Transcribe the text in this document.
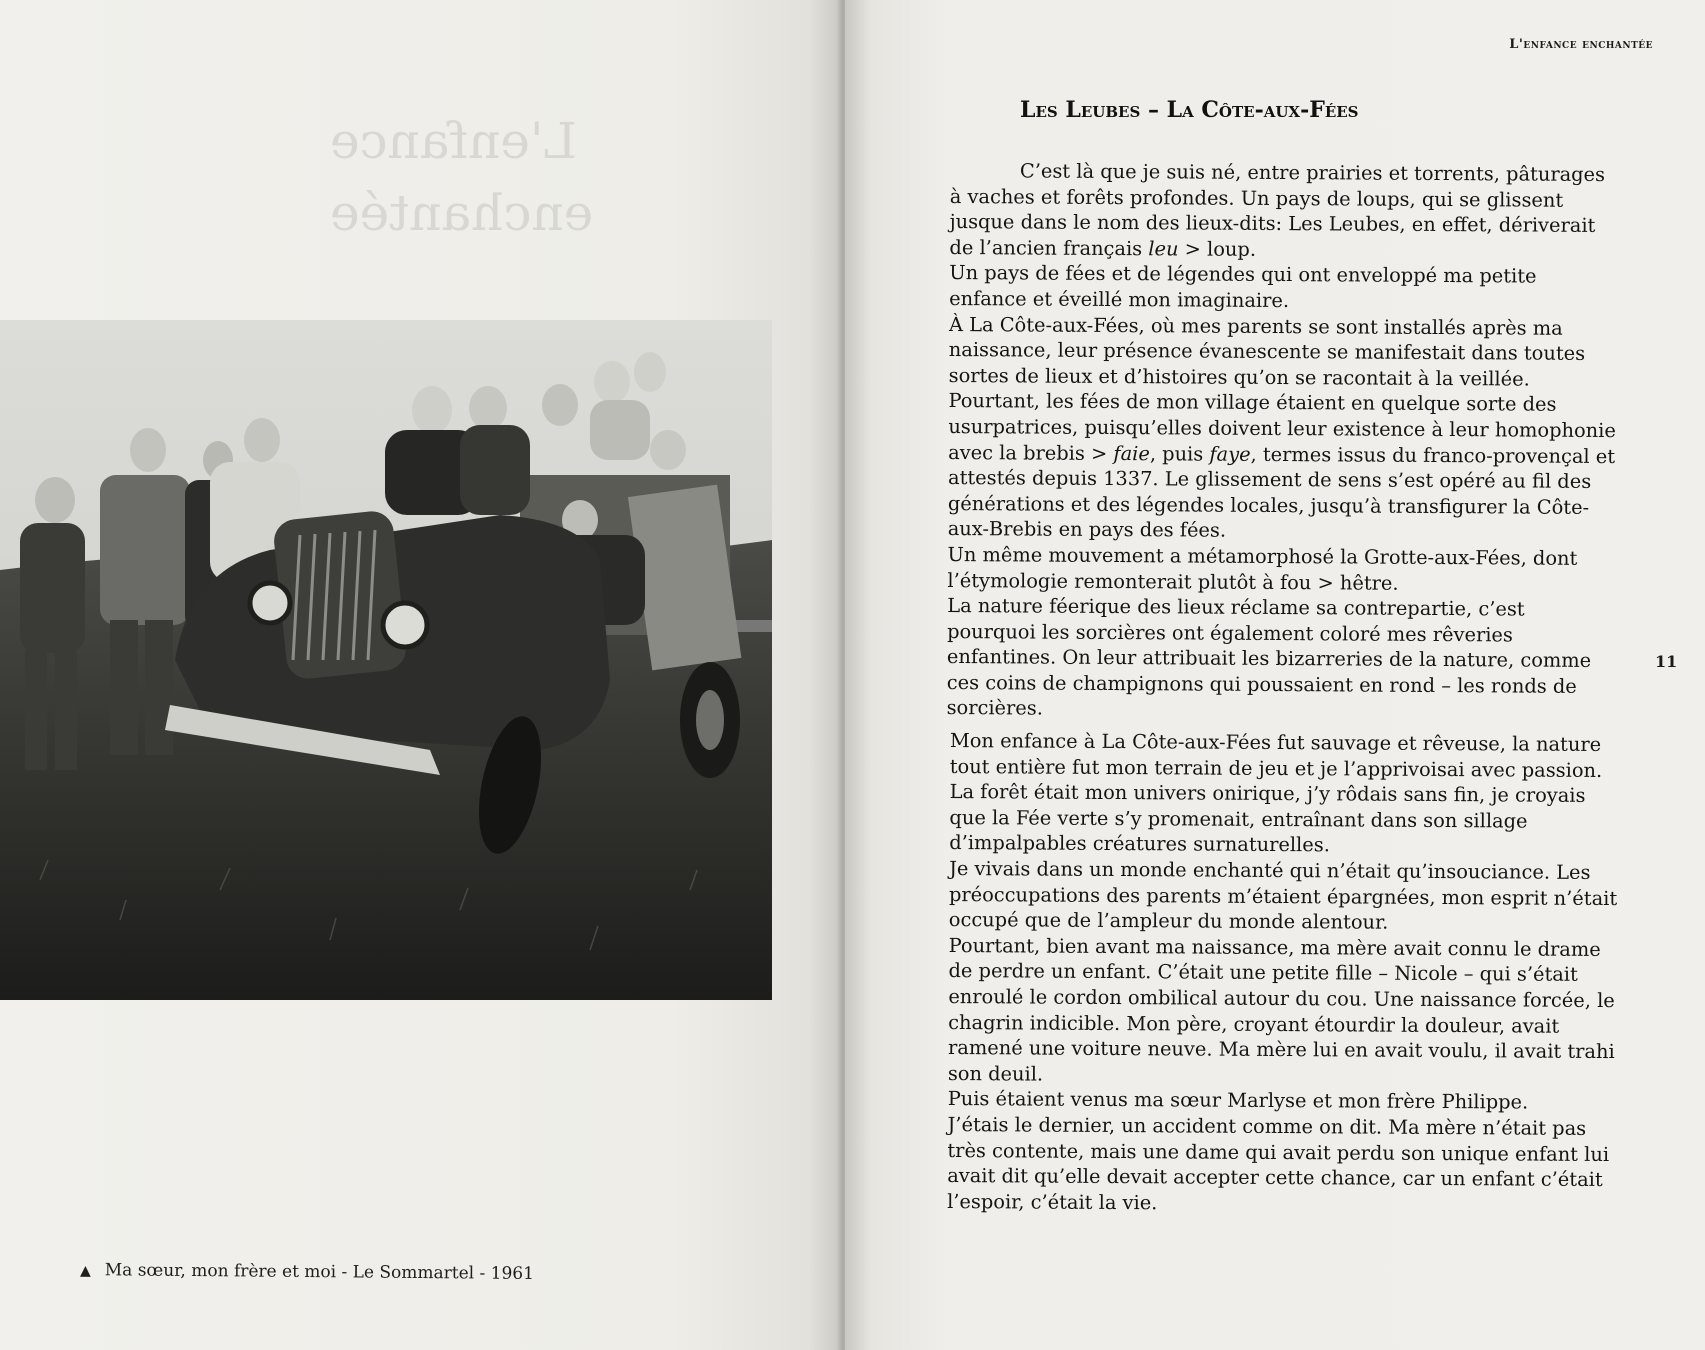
L'enfance
enchantée
▲ Ma sœur, mon frère et moi - Le Sommartel - 1961
L'enfance enchantée
Les Leubes – La Côte-aux-Fées

C’est là que je suis né, entre prairies et torrents, pâturages à vaches et forêts profondes. Un pays de loups, qui se glissent jusque dans le nom des lieux-dits: Les Leubes, en effet, dériverait de l’ancien français leu > loup.

Un pays de fées et de légendes qui ont enveloppé ma petite enfance et éveillé mon imaginaire.

À La Côte-aux-Fées, où mes parents se sont installés après ma naissance, leur présence évanescente se manifestait dans toutes sortes de lieux et d’histoires qu’on se racontait à la veillée.

Pourtant, les fées de mon village étaient en quelque sorte des usurpatrices, puisqu’elles doivent leur existence à leur homophonie avec la brebis > faie, puis faye, termes issus du franco-provençal et attestés depuis 1337. Le glissement de sens s’est opéré au fil des générations et des légendes locales, jusqu’à transfigurer la Côte-aux-Brebis en pays des fées.

Un même mouvement a métamorphosé la Grotte-aux-Fées, dont l’étymologie remonterait plutôt à fou > hêtre.

La nature féerique des lieux réclame sa contrepartie, c’est pourquoi les sorcières ont également coloré mes rêveries enfantines. On leur attribuait les bizarreries de la nature, comme ces coins de champignons qui poussaient en rond – les ronds de sorcières.

Mon enfance à La Côte-aux-Fées fut sauvage et rêveuse, la nature tout entière fut mon terrain de jeu et je l’apprivoisai avec passion.

La forêt était mon univers onirique, j’y rôdais sans fin, je croyais que la Fée verte s’y promenait, entraînant dans son sillage d’impalpables créatures surnaturelles.

Je vivais dans un monde enchanté qui n’était qu’insouciance. Les préoccupations des parents m’étaient épargnées, mon esprit n’était occupé que de l’ampleur du monde alentour.

Pourtant, bien avant ma naissance, ma mère avait connu le drame de perdre un enfant. C’était une petite fille – Nicole – qui s’était enroulé le cordon ombilical autour du cou. Une naissance forcée, le chagrin indicible. Mon père, croyant étourdir la douleur, avait ramené une voiture neuve. Ma mère lui en avait voulu, il avait trahi son deuil.

Puis étaient venus ma sœur Marlyse et mon frère Philippe.

J’étais le dernier, un accident comme on dit. Ma mère n’était pas très contente, mais une dame qui avait perdu son unique enfant lui avait dit qu’elle devait accepter cette chance, car un enfant c’était l’espoir, c’était la vie.

11
